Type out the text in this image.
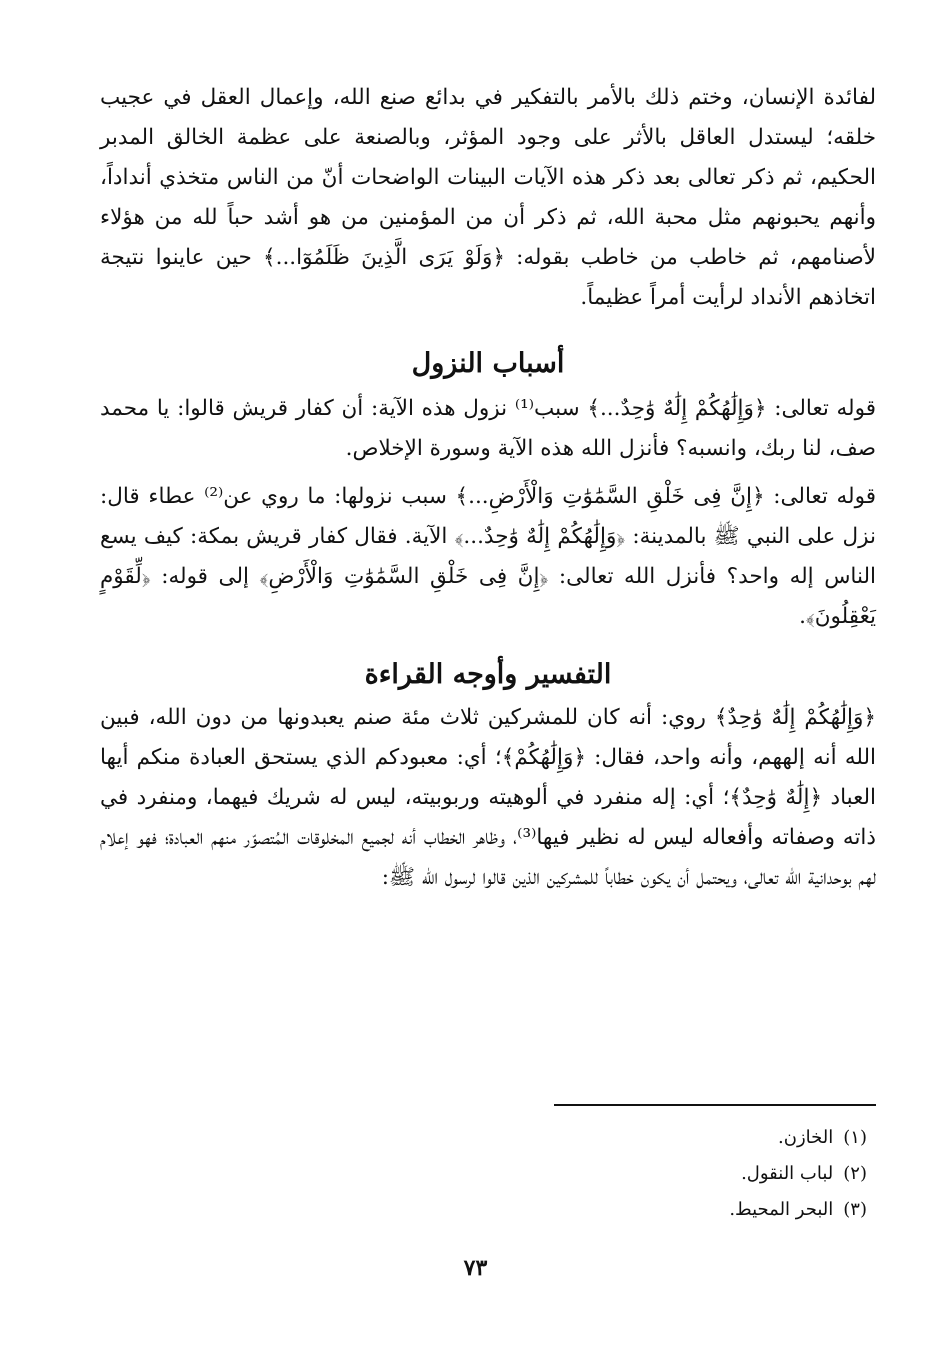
لفائدة الإنسان، وختم ذلك بالأمر بالتفكير في بدائع صنع الله، وإعمال العقل في عجيب خلقه؛ ليستدل العاقل بالأثر على وجود المؤثر، وبالصنعة على عظمة الخالق المدبر الحكيم، ثم ذكر تعالى بعد ذكر هذه الآيات البينات الواضحات أنّ من الناس متخذي أنداداً، وأنهم يحبونهم مثل محبة الله، ثم ذكر أن من المؤمنين من هو أشد حباً لله من هؤلاء لأصنامهم، ثم خاطب من خاطب بقوله: ﴿وَلَوْ يَرَى الَّذِينَ ظَلَمُوٓا...﴾ حين عاينوا نتيجة اتخاذهم الأنداد لرأيت أمراً عظيماً.

أسباب النزول

قوله تعالى: ﴿وَإِلَٰهُكُمْ إِلَٰهٌ وَٰحِدٌ...﴾ سبب⁽¹⁾ نزول هذه الآية: أن كفار قريش قالوا: يا محمد صف، لنا ربك، وانسبه؟ فأنزل الله هذه الآية وسورة الإخلاص.

قوله تعالى: ﴿إِنَّ فِى خَلْقِ السَّمَٰوَٰتِ وَالْأَرْضِ...﴾ سبب نزولها: ما روي عن⁽²⁾ عطاء قال: نزل على النبي ﷺ بالمدينة: ﴿وَإِلَٰهُكُمْ إِلَٰهٌ وَٰحِدٌ...﴾ الآية. فقال كفار قريش بمكة: كيف يسع الناس إله واحد؟ فأنزل الله تعالى: ﴿إِنَّ فِى خَلْقِ السَّمَٰوَٰتِ وَالْأَرْضِ﴾ إلى قوله: ﴿لِّقَوْمٍ يَعْقِلُونَ﴾.

التفسير وأوجه القراءة

﴿وَإِلَٰهُكُمْ إِلَٰهٌ وَٰحِدٌ﴾ روي: أنه كان للمشركين ثلاث مئة صنم يعبدونها من دون الله، فبين الله أنه إلههم، وأنه واحد، فقال: ﴿وَإِلَٰهُكُمْ﴾؛ أي: معبودكم الذي يستحق العبادة منكم أيها العباد ﴿إِلَٰهٌ وَٰحِدٌ﴾؛ أي: إله منفرد في ألوهيته وربوبيته، ليس له شريك فيهما، ومنفرد في ذاته وصفاته وأفعاله ليس له نظير فيها⁽³⁾، وظاهر الخطاب أنه لجميع المخلوقات المُتصوّر منهم العبادة؛ فهو إعلام لهم بوحدانية الله تعالى، ويحتمل أن يكون خطاباً للمشركين الذين قالوا لرسول الله ﷺ:

(١)الخازن.
(٢)لباب النقول.
(٣)البحر المحيط.
٧٣
